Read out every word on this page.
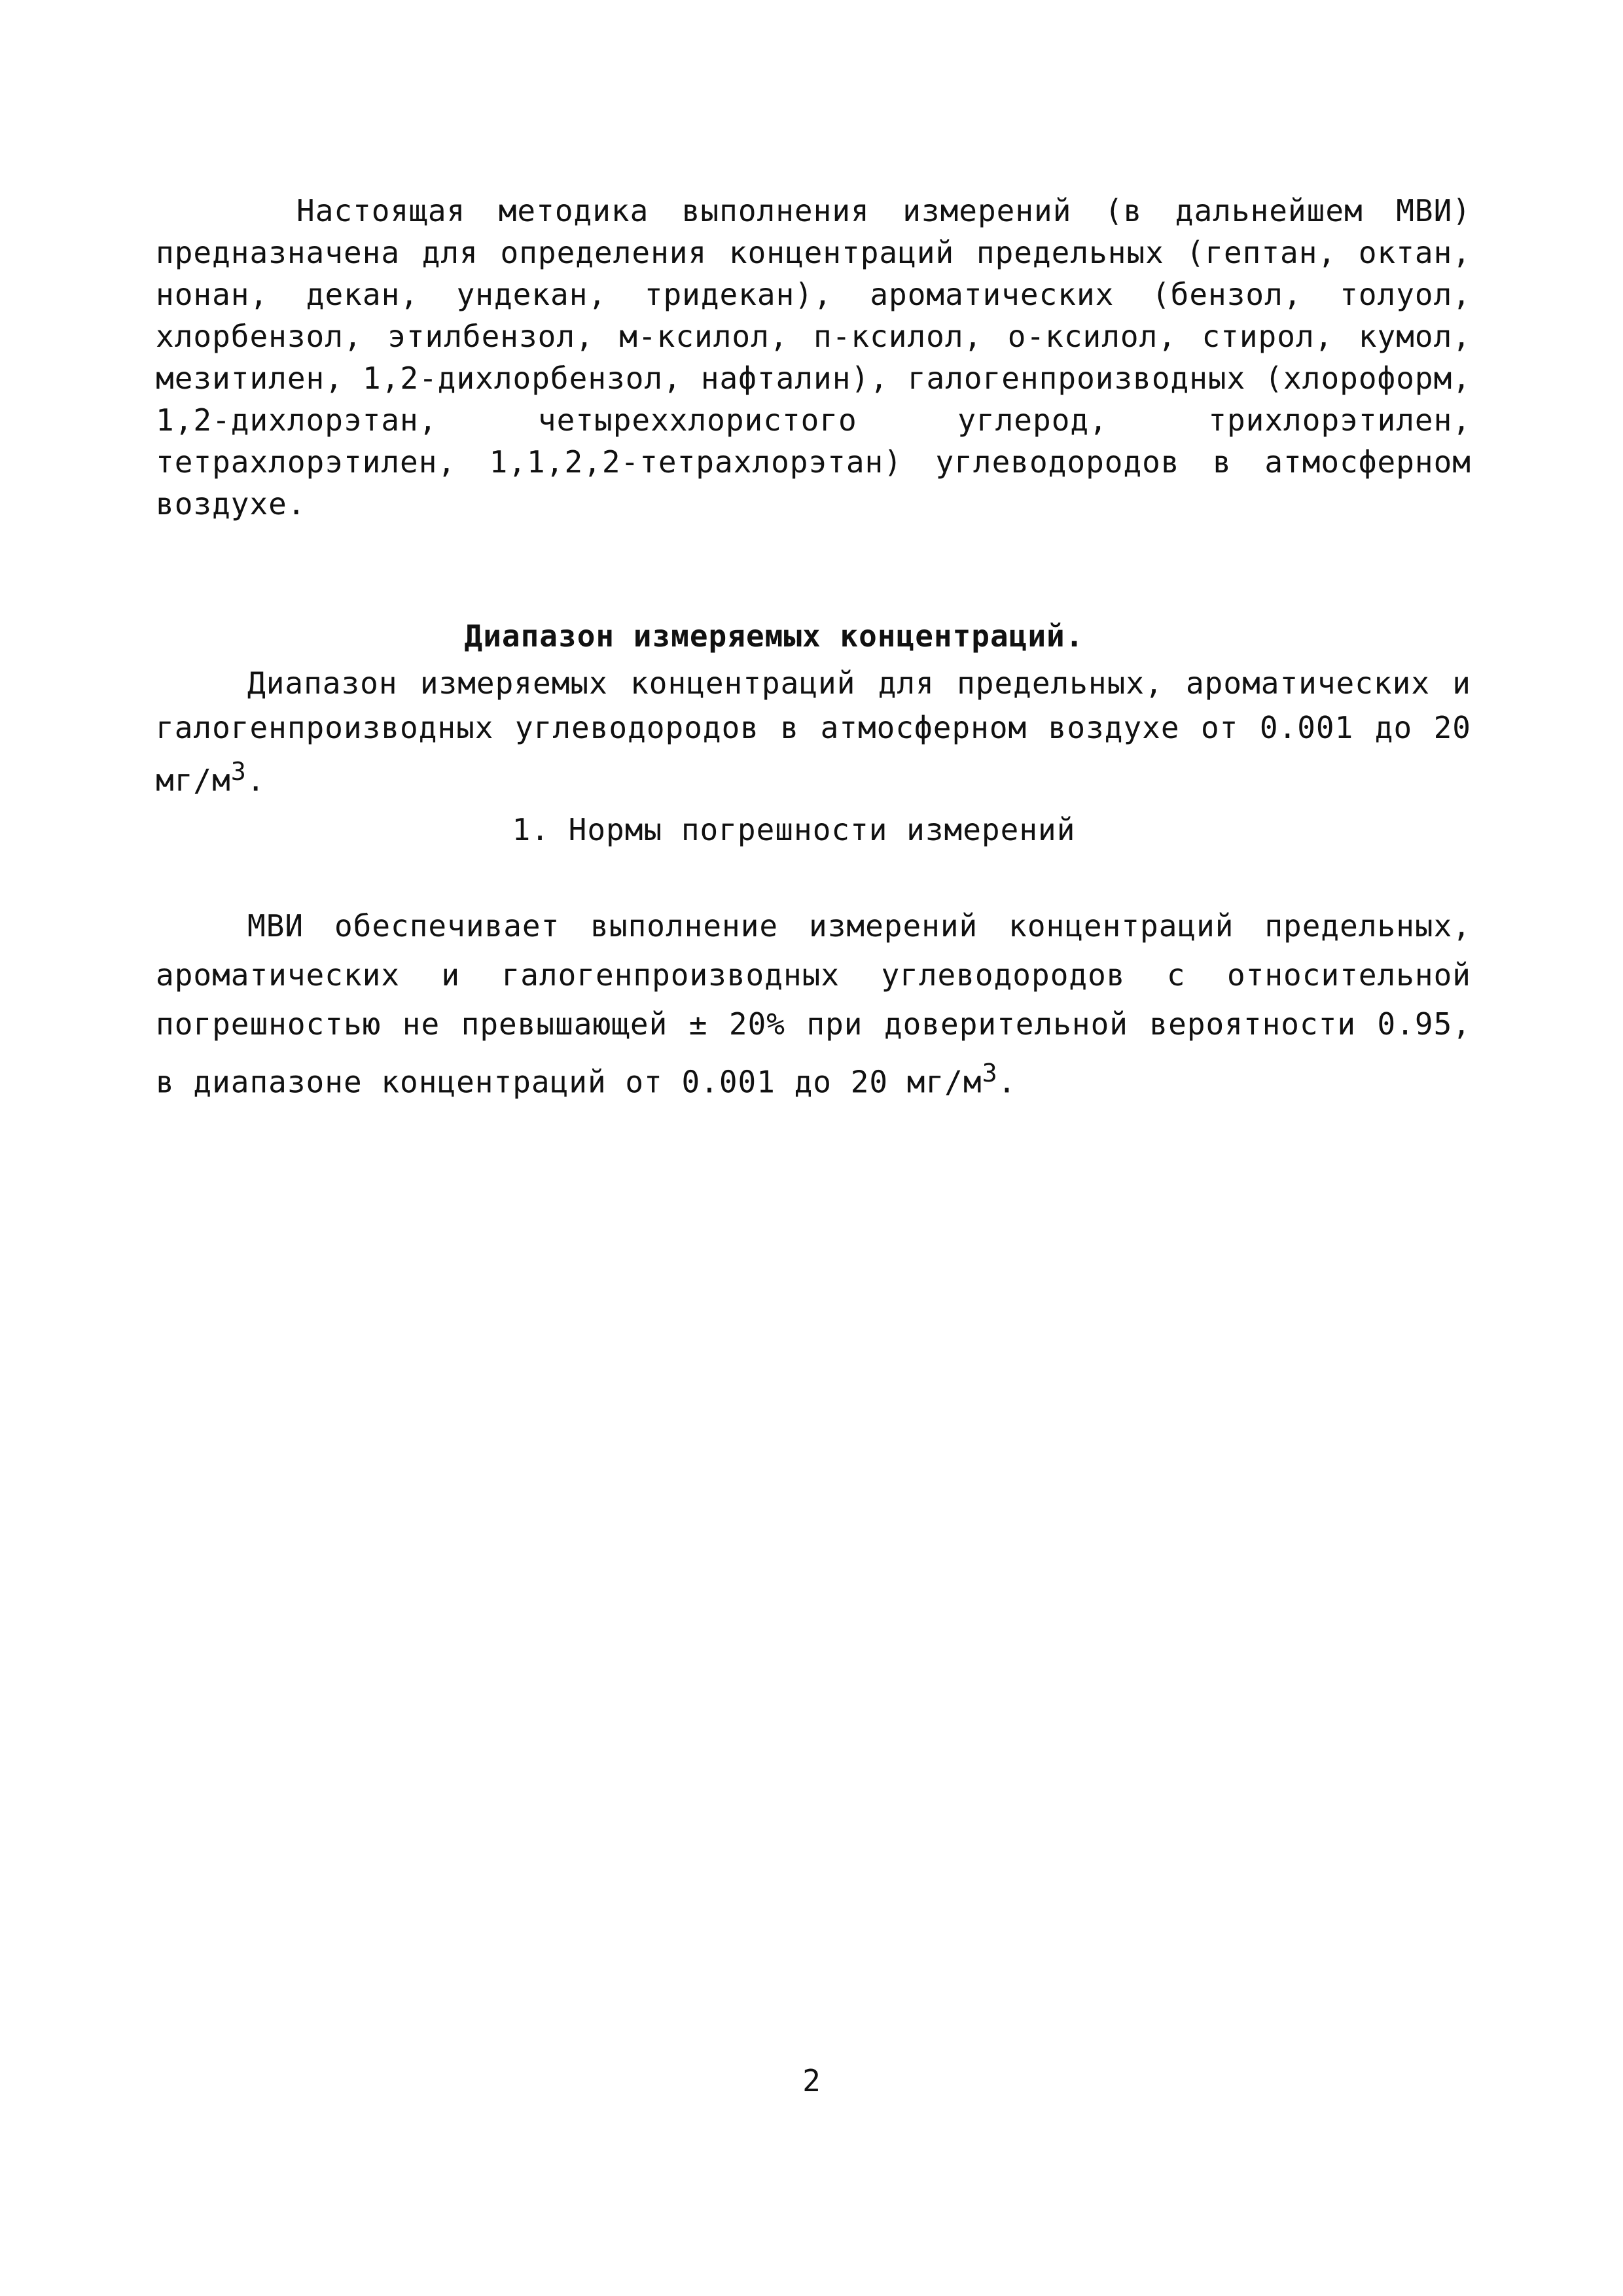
Настоящая методика выполнения измерений (в дальнейшем МВИ) предназначена для определения концентраций предельных (гептан, октан, нонан, декан, ундекан, тридекан), ароматических (бензол, толуол, хлорбензол, этилбензол, м-ксилол, п-ксилол, о-ксилол, стирол, кумол, мезитилен, 1,2-дихлорбензол, нафталин), галогенпроизводных (хлороформ, 1,2-дихлорэтан, четыреххлористого углерод, трихлорэтилен, тетрахлорэтилен, 1,1,2,2-тетрахлорэтан) углеводородов в атмосферном воздухе.

Диапазон измеряемых концентраций.

Диапазон измеряемых концентраций для предельных, ароматических и галогенпроизводных углеводородов в атмосферном воздухе от 0.001 до 20 $мг/м^3$.

1. Нормы погрешности измерений

МВИ обеспечивает выполнение измерений концентраций предельных, ароматических и галогенпроизводных углеводородов с относительной погрешностью не превышающей ± 20% при доверительной вероятности 0.95, в диапазоне концентраций от 0.001 до 20 $мг/м^3$.

2
